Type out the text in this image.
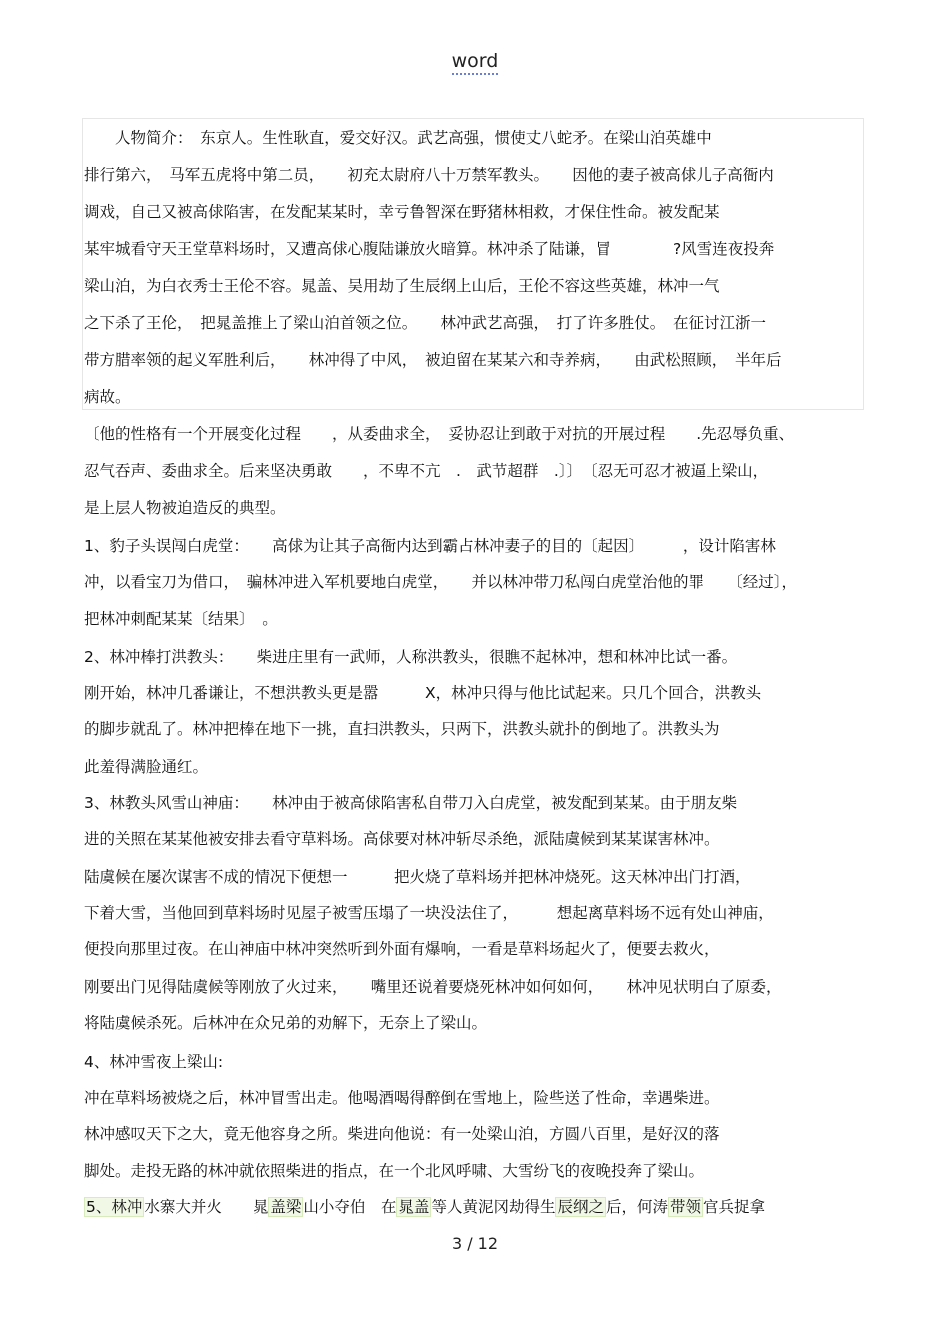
word
　　人物简介：　东京人。生性耿直，爱交好汉。武艺高强，惯使丈八蛇矛。在梁山泊英雄中
排行第六，　马军五虎将中第二员，　　初充太尉府八十万禁军教头。　　因他的妻子被高俅儿子高衙内
调戏，自己又被高俅陷害，在发配某某时，幸亏鲁智深在野猪林相救，才保住性命。被发配某
某牢城看守天王堂草料场时，又遭高俅心腹陆谦放火暗算。林冲杀了陆谦，冒　　　　?风雪连夜投奔
梁山泊，为白衣秀士王伦不容。晁盖、吴用劫了生辰纲上山后，王伦不容这些英雄，林冲一气
之下杀了王伦，　把晁盖推上了梁山泊首领之位。　　林冲武艺高强，　打了许多胜仗。　在征讨江浙一
带方腊率领的起义军胜利后，　　林冲得了中风，　被迫留在某某六和寺养病，　　由武松照顾，　半年后
病故。
〔他的性格有一个开展变化过程　　，从委曲求全，　妥协忍让到敢于对抗的开展过程　　.先忍辱负重、
忍气吞声、委曲求全。后来坚决勇敢　　，不卑不亢　.　武节超群　.〕〕　〔忍无可忍才被逼上梁山，
是上层人物被迫造反的典型。
1、豹子头误闯白虎堂：　　高俅为让其子高衙内达到霸占林冲妻子的目的〔起因〕　　　，设计陷害林
冲，以看宝刀为借口，　骗林冲进入军机要地白虎堂，　　并以林冲带刀私闯白虎堂治他的罪　　〔经过〕，
把林冲刺配某某〔结果〕　。
2、林冲棒打洪教头：　　柴进庄里有一武师，人称洪教头，很瞧不起林冲，想和林冲比试一番。
刚开始，林冲几番谦让，不想洪教头更是嚣　　　X，林冲只得与他比试起来。只几个回合，洪教头
的脚步就乱了。林冲把棒在地下一挑，直扫洪教头，只两下，洪教头就扑的倒地了。洪教头为
此羞得满脸通红。
3、林教头风雪山神庙：　　林冲由于被高俅陷害私自带刀入白虎堂，被发配到某某。由于朋友柴
进的关照在某某他被安排去看守草料场。高俅要对林冲斩尽杀绝，派陆虞候到某某谋害林冲。
陆虞候在屡次谋害不成的情况下便想一　　　把火烧了草料场并把林冲烧死。这天林冲出门打酒，
下着大雪，当他回到草料场时见屋子被雪压塌了一块没法住了，　　　想起离草料场不远有处山神庙，
便投向那里过夜。在山神庙中林冲突然听到外面有爆响，一看是草料场起火了，便要去救火，
刚要出门见得陆虞候等刚放了火过来，　　嘴里还说着要烧死林冲如何如何，　　林冲见状明白了原委，
将陆虞候杀死。后林冲在众兄弟的劝解下，无奈上了梁山。
4、林冲雪夜上梁山:
冲在草料场被烧之后，林冲冒雪出走。他喝酒喝得醉倒在雪地上，险些送了性命，幸遇柴进。
林冲感叹天下之大，竟无他容身之所。柴进向他说：有一处梁山泊，方圆八百里，是好汉的落
脚处。走投无路的林冲就依照柴进的指点，在一个北风呼啸、大雪纷飞的夜晚投奔了梁山。
5、林冲 水寨大并火　　晁 盖梁 山小夺伯　在 晁盖 等人黄泥冈劫得生 辰纲之 后，何涛 带领 官兵捉拿
3 / 12
